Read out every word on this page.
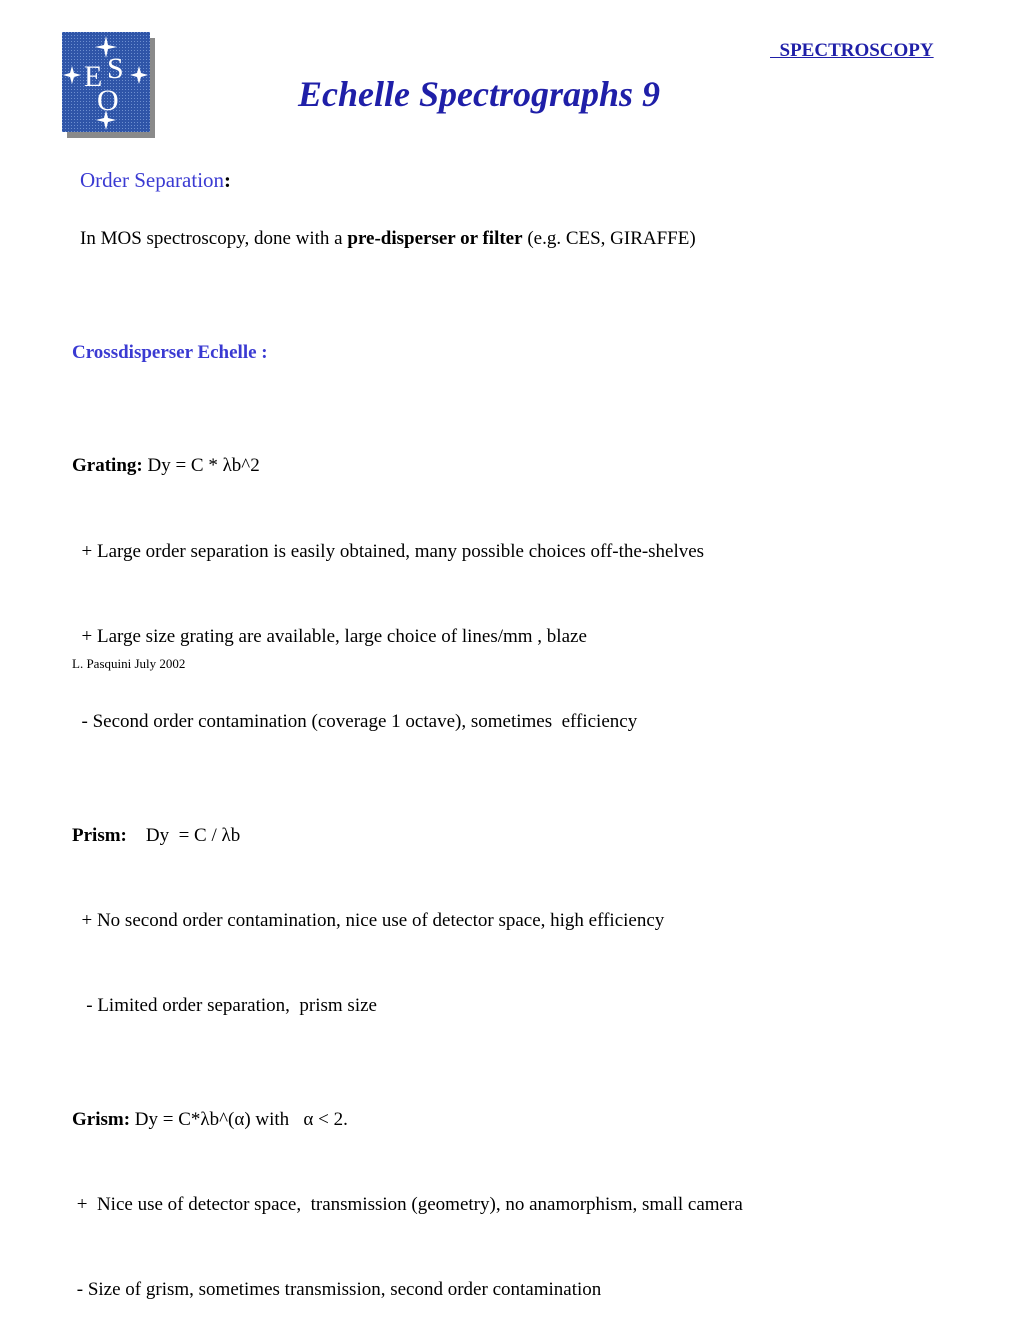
E S
O
SPECTROSCOPY
Echelle Spectrographs 9
Order Separation:
In MOS spectroscopy, done with a pre-disperser or filter (e.g. CES, GIRAFFE)

Crossdisperser Echelle :

Grating: Dy = C * λb^2

+ Large order separation is easily obtained, many possible choices off-the-shelves

+ Large size grating are available, large choice of lines/mm , blaze

- Second order contamination (coverage 1 octave), sometimes  efficiency

Prism:    Dy  = C / λb

+ No second order contamination, nice use of detector space, high efficiency

- Limited order separation,  prism size

Grism: Dy = C*λb^(α) with   α < 2.

+  Nice use of detector space,  transmission (geometry), no anamorphism, small camera

- Size of grism, sometimes transmission, second order contamination

L. Pasquini July 2002
